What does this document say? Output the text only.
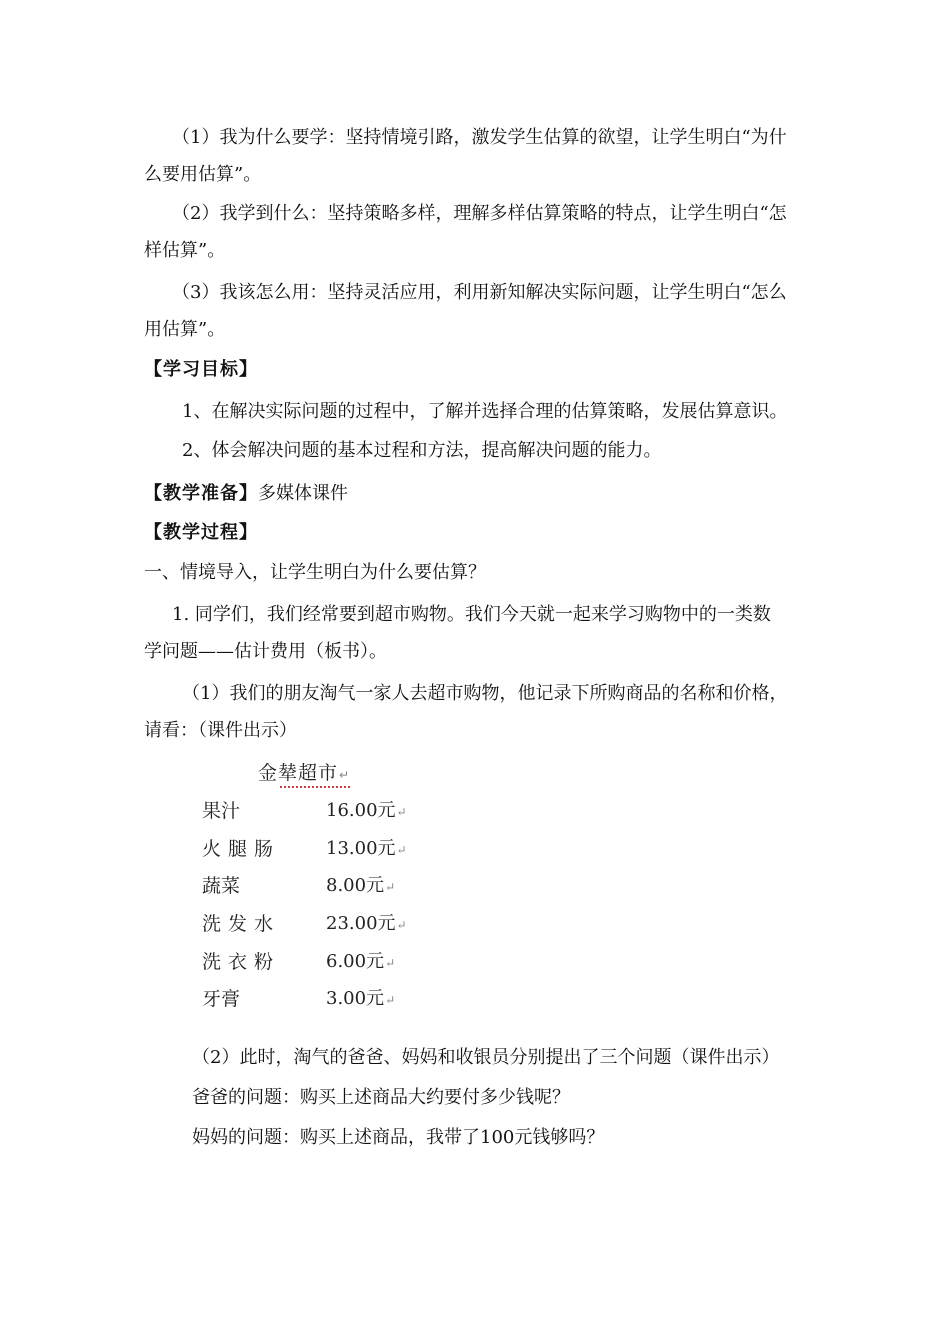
（1）我为什么要学：坚持情境引路，激发学生估算的欲望，让学生明白“为什
么要用估算”。

（2）我学到什么：坚持策略多样，理解多样估算策略的特点，让学生明白“怎
样估算”。

（3）我该怎么用：坚持灵活应用，利用新知解决实际问题，让学生明白“怎么
用估算”。

【学习目标】
1、在解决实际问题的过程中，了解并选择合理的估算策略，发展估算意识。
2、体会解决问题的基本过程和方法，提高解决问题的能力。
【教学准备】多媒体课件
【教学过程】
一、情境导入，让学生明白为什么要估算？

1. 同学们，我们经常要到超市购物。我们今天就一起来学习购物中的一类数
学问题——估计费用（板书）。

（1）我们的朋友淘气一家人去超市购物，他记录下所购商品的名称和价格，
请看：（课件出示）

金辇超市↵
果汁	16.00元↵
火腿肠	13.00元↵
蔬菜	8.00元↵
洗发水	23.00元↵
洗衣粉	6.00元↵
牙膏	3.00元↵
（2）此时，淘气的爸爸、妈妈和收银员分别提出了三个问题（课件出示）
爸爸的问题：购买上述商品大约要付多少钱呢？
妈妈的问题：购买上述商品，我带了100元钱够吗？
